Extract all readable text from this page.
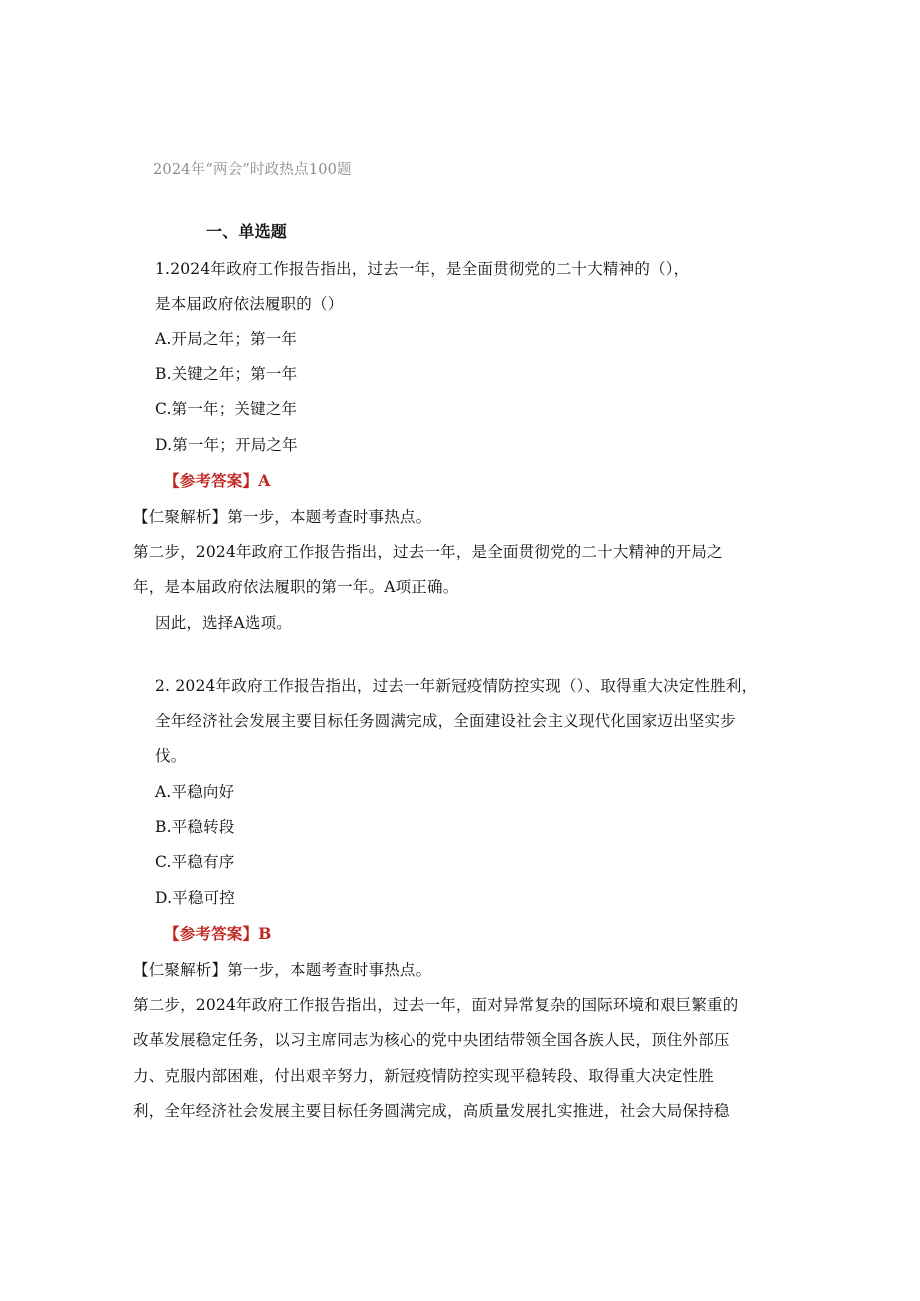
2024年“两会”时政热点100题
一、单选题
1.2024年政府工作报告指出，过去一年，是全面贯彻党的二十大精神的（），
是本届政府依法履职的（）
A.开局之年；第一年
B.关键之年；第一年
C.第一年；关键之年
D.第一年；开局之年
【参考答案】A
【仁聚解析】第一步，本题考查时事热点。
第二步，2024年政府工作报告指出，过去一年，是全面贯彻党的二十大精神的开局之
年，是本届政府依法履职的第一年。A项正确。
因此，选择A选项。
2. 2024年政府工作报告指出，过去一年新冠疫情防控实现（）、取得重大决定性胜利，
全年经济社会发展主要目标任务圆满完成，全面建设社会主义现代化国家迈出坚实步
伐。
A.平稳向好
B.平稳转段
C.平稳有序
D.平稳可控
【参考答案】B
【仁聚解析】第一步，本题考查时事热点。
第二步，2024年政府工作报告指出，过去一年，面对异常复杂的国际环境和艰巨繁重的
改革发展稳定任务，以习主席同志为核心的党中央团结带领全国各族人民，顶住外部压
力、克服内部困难，付出艰辛努力，新冠疫情防控实现平稳转段、取得重大决定性胜
利，全年经济社会发展主要目标任务圆满完成，高质量发展扎实推进，社会大局保持稳
